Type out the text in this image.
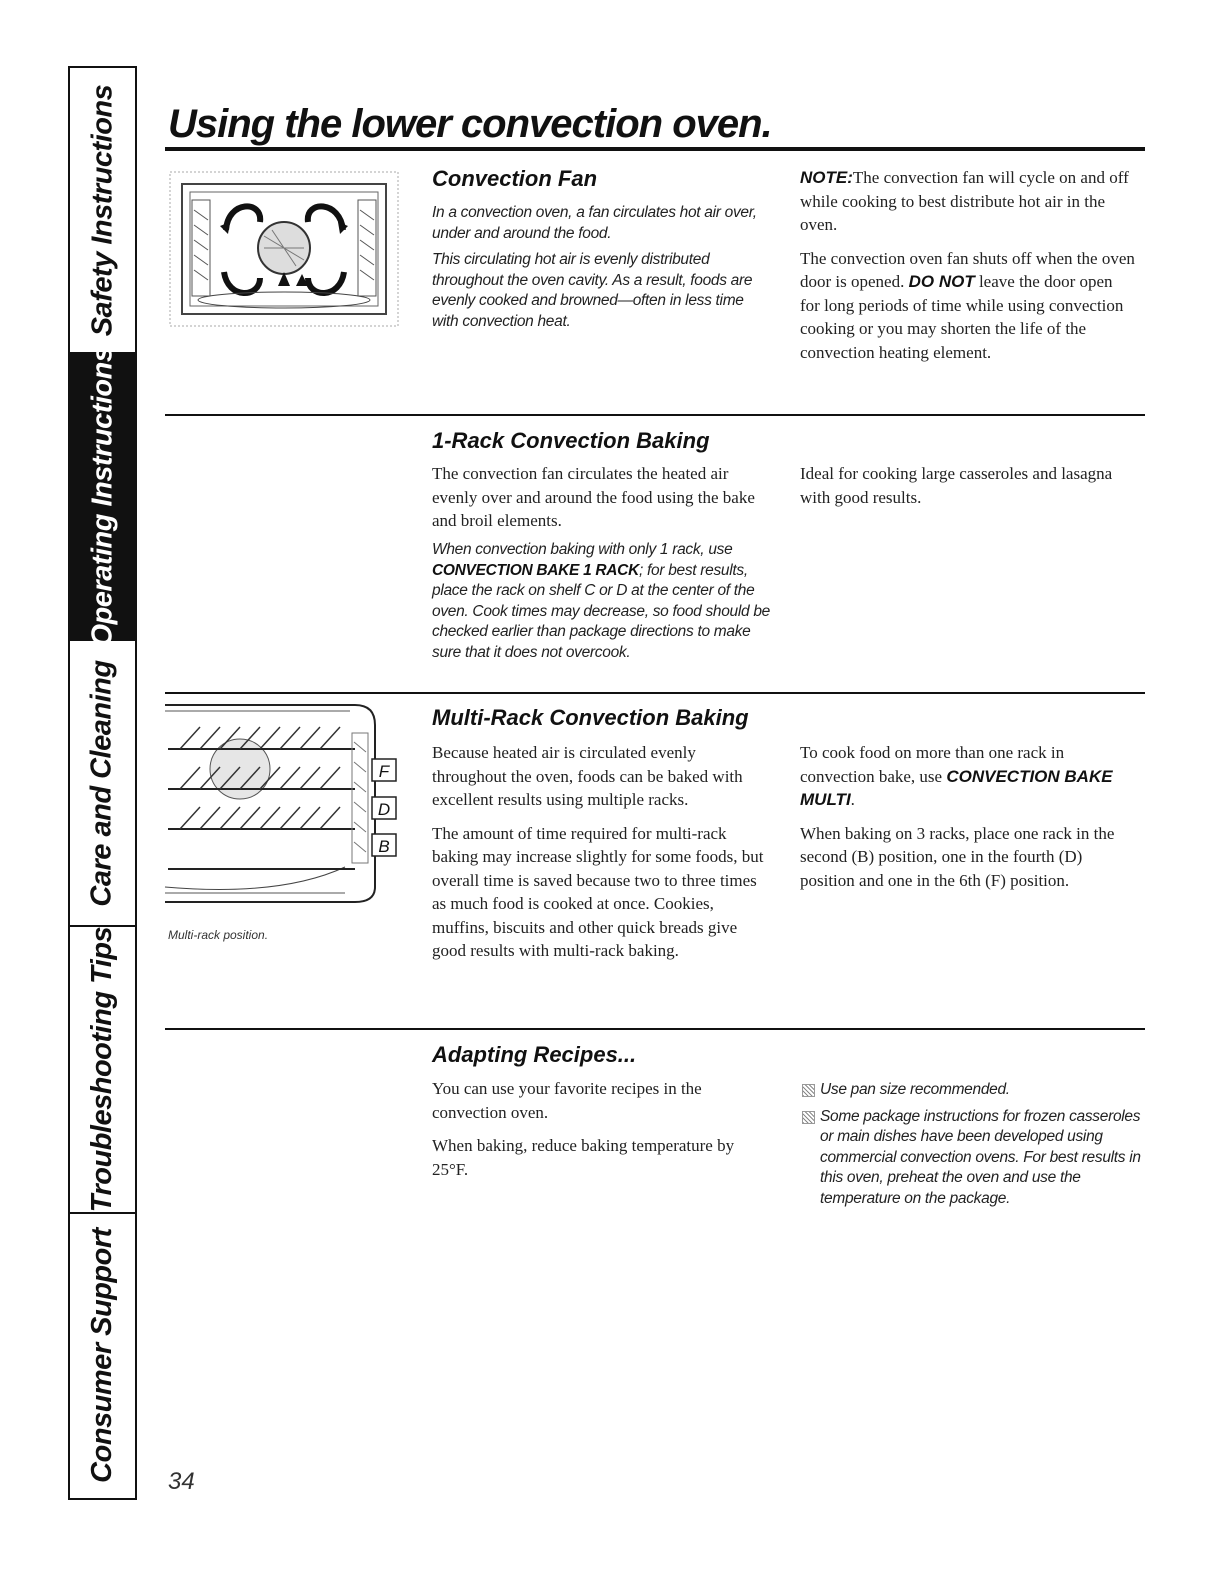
Safety Instructions
Operating Instructions
Care and Cleaning
Troubleshooting Tips
Consumer Support
Using the lower convection oven.
Convection Fan

In a convection oven, a fan circulates hot air over, under and around the food.

This circulating hot air is evenly distributed throughout the oven cavity. As a result, foods are evenly cooked and browned—often in less time with convection heat.

NOTE:The convection fan will cycle on and off while cooking to best distribute hot air in the oven.

The convection oven fan shuts off when the oven door is opened. DO NOT leave the door open for long periods of time while using convection cooking or you may shorten the life of the convection heating element.

1-Rack Convection Baking

The convection fan circulates the heated air evenly over and around the food using the bake and broil elements.

When convection baking with only 1 rack, use CONVECTION BAKE 1 RACK; for best results, place the rack on shelf C or D at the center of the oven. Cook times may decrease, so food should be checked earlier than package directions to make sure that it does not overcook.

Ideal for cooking large casseroles and lasagna with good results.

F
D
B
Multi-rack position.
Multi-Rack Convection Baking

Because heated air is circulated evenly throughout the oven, foods can be baked with excellent results using multiple racks.

The amount of time required for multi-rack baking may increase slightly for some foods, but overall time is saved because two to three times as much food is cooked at once. Cookies, muffins, biscuits and other quick breads give good results with multi-rack baking.

To cook food on more than one rack in convection bake, use CONVECTION BAKE MULTI.

When baking on 3 racks, place one rack in the second (B) position, one in the fourth (D) position and one in the 6th (F) position.

Adapting Recipes...

You can use your favorite recipes in the convection oven.

When baking, reduce baking temperature by 25°F.

Use pan size recommended.
Some package instructions for frozen casseroles or main dishes have been developed using commercial convection ovens. For best results in this oven, preheat the oven and use the temperature on the package.
34
